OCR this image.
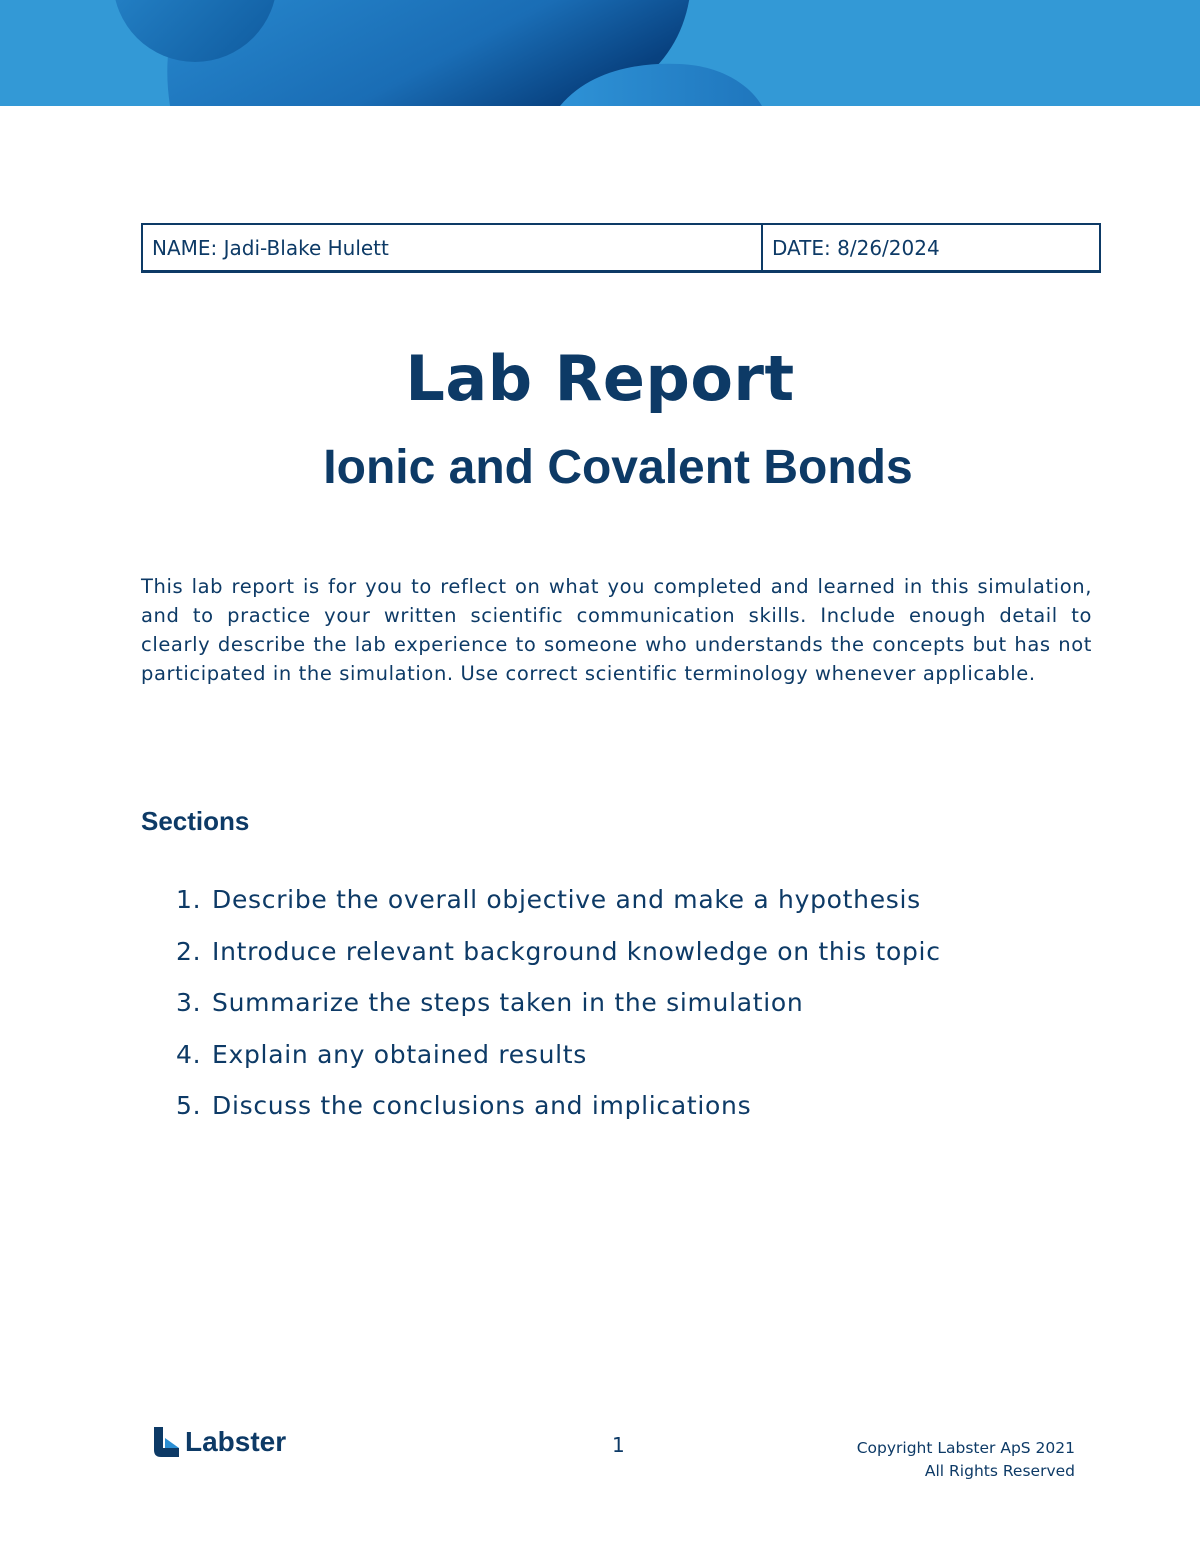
NAME: Jadi-Blake Hulett	DATE: 8/26/2024
Lab Report
Ionic and Covalent Bonds

This lab report is for you to reflect on what you completed and learned in this simulation, and to practice your written scientific communication skills. Include enough detail to clearly describe the lab experience to someone who understands the concepts but has not participated in the simulation. Use correct scientific terminology whenever applicable.

Sections
1. Describe the overall objective and make a hypothesis
2. Introduce relevant background knowledge on this topic
3. Summarize the steps taken in the simulation
4. Explain any obtained results
5. Discuss the conclusions and implications
Labster	1	Copyright Labster ApS 2021
All Rights Reserved
